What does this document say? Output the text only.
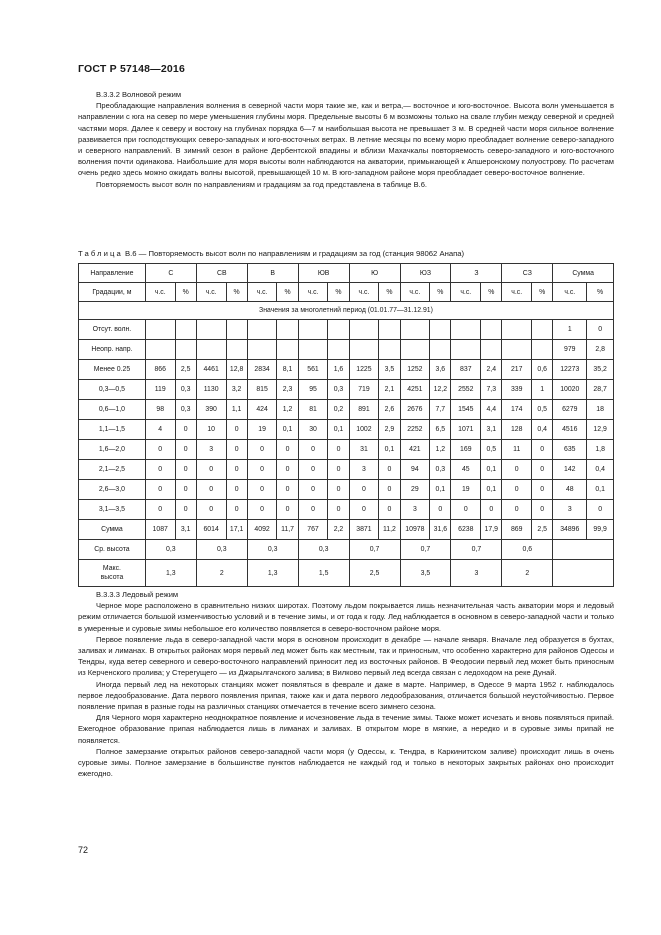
ГОСТ Р 57148—2016

В.3.3.2 Волновой режим

Преобладающие направления волнения в северной части моря такие же, как и ветра,— восточное и юго-восточное. Высота волн уменьшается в направлении с юга на север по мере уменьшения глубины моря. Предельные высоты 6 м возможны только на свале глубин между северной и средней частями моря. Далее к северу и востоку на глубинах порядка 6—7 м наибольшая высота не превышает 3 м. В средней части моря сильное волнение развивается при господствующих северо-западных и юго-восточных ветрах. В летние месяцы по всему морю преобладает волнение северо-западного и северного направлений. В зимний сезон в районе Дербентской впадины и вблизи Махачкалы повторяемость северо-западного и юго-восточного волнения почти одинакова. Наибольшие для моря высоты волн наблюдаются на акватории, примыкающей к Апшеронскому полуострову. По расчетам очень редко здесь можно ожидать волны высотой, превышающей 10 м. В юго-западном районе моря преобладает северо-восточное волнение.

Повторяемость высот волн по направлениям и градациям за год представлена в таблице В.6.

Таблица В.6 — Повторяемость высот волн по направлениям и градациям за год (станция 98062 Анапа)
Направление	С		СВ		В		ЮВ		Ю		ЮЗ		З		СЗ		Сумма	
Градации, м	ч.с.	%	ч.с.	%	ч.с.	%	ч.с.	%	ч.с.	%	ч.с.	%	ч.с.	%	ч.с.	%	ч.с.	%
Значения за многолетний период (01.01.77—31.12.91)																		
Отсут. волн.																	1	0
Неопр. напр.																	979	2,8
Менее 0.25	866	2,5	4461	12,8	2834	8,1	561	1,6	1225	3,5	1252	3,6	837	2,4	217	0,6	12273	35,2
0,3—0,5	119	0,3	1130	3,2	815	2,3	95	0,3	719	2,1	4251	12,2	2552	7,3	339	1	10020	28,7
0,6—1,0	98	0,3	390	1,1	424	1,2	81	0,2	891	2,6	2676	7,7	1545	4,4	174	0,5	6279	18
1,1—1,5	4	0	10	0	19	0,1	30	0,1	1002	2,9	2252	6,5	1071	3,1	128	0,4	4516	12,9
1,6—2,0	0	0	3	0	0	0	0	0	31	0,1	421	1,2	169	0,5	11	0	635	1,8
2,1—2,5	0	0	0	0	0	0	0	0	3	0	94	0,3	45	0,1	0	0	142	0,4
2,6—3,0	0	0	0	0	0	0	0	0	0	0	29	0,1	19	0,1	0	0	48	0,1
3,1—3,5	0	0	0	0	0	0	0	0	0	0	3	0	0	0	0	0	3	0
Сумма	1087	3,1	6014	17,1	4092	11,7	767	2,2	3871	11,2	10978	31,6	6238	17,9	869	2,5	34896	99,9
Ср. высота	0,3		0,3		0,3		0,3		0,7		0,7		0,7		0,6			

Макс.
высота	1,3		2		1,3		1,5		2,5		3,5		3		2			

В.3.3.3 Ледовый режим

Черное море расположено в сравнительно низких широтах. Поэтому льдом покрывается лишь незначительная часть акватории моря и ледовый режим отличается большой изменчивостью условий и в течение зимы, и от года к году. Лед наблюдается в основном в северо-западной части и только в умеренные и суровые зимы небольшое его количество появляется в северо-восточном районе моря.

Первое появление льда в северо-западной части моря в основном происходит в декабре — начале января. Вначале лед образуется в бухтах, заливах и лиманах. В открытых районах моря первый лед может быть как местным, так и приносным, что особенно характерно для районов Одессы и Тендры, куда ветер северного и северо-восточного направлений приносит лед из восточных районов. В Феодосии первый лед может быть приносным из Керченского пролива; у Стерегущего — из Джарылгачского залива; в Вилково первый лед всегда связан с ледоходом на реке Дунай.

Иногда первый лед на некоторых станциях может появляться в феврале и даже в марте. Например, в Одессе 9 марта 1952 г. наблюдалось первое ледообразование. Дата первого появления припая, также как и дата первого ледообразования, отличается большой неустойчивостью. Первое появление припая в разные годы на различных станциях отмечается в течение всего зимнего сезона.

Для Черного моря характерно неоднократное появление и исчезновение льда в течение зимы. Также может исчезать и вновь появляться припай. Ежегодное образование припая наблюдается лишь в лиманах и заливах. В открытом море в мягкие, а нередко и в суровые зимы припай не появляется.

Полное замерзание открытых районов северо-западной части моря (у Одессы, к. Тендра, в Каркинитском заливе) происходит лишь в очень суровые зимы. Полное замерзание в большинстве пунктов наблюдается не каждый год и только в некоторых закрытых районах оно происходит ежегодно.

72
